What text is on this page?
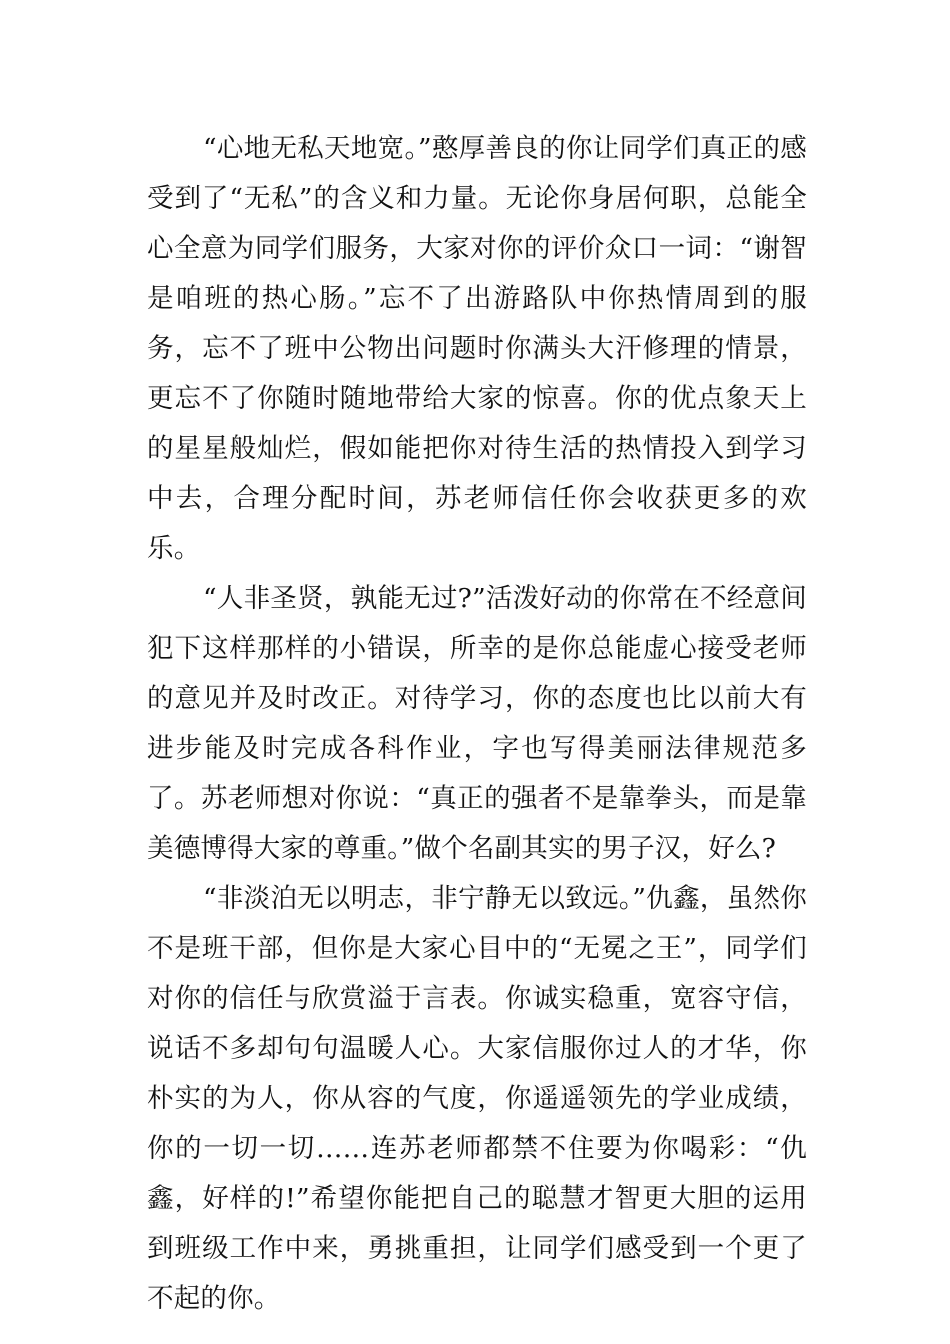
“心地无私天地宽。”憨厚善良的你让同学们真正的感受到了“无私”的含义和力量。无论你身居何职，总能全心全意为同学们服务，大家对你的评价众口一词：“谢智是咱班的热心肠。”忘不了出游路队中你热情周到的服务，忘不了班中公物出问题时你满头大汗修理的情景，更忘不了你随时随地带给大家的惊喜。你的优点象天上的星星般灿烂，假如能把你对待生活的热情投入到学习中去，合理分配时间，苏老师信任你会收获更多的欢乐。

“人非圣贤，孰能无过?”活泼好动的你常在不经意间犯下这样那样的小错误，所幸的是你总能虚心接受老师的意见并及时改正。对待学习，你的态度也比以前大有进步能及时完成各科作业，字也写得美丽法律规范多了。苏老师想对你说：“真正的强者不是靠拳头，而是靠美德博得大家的尊重。”做个名副其实的男子汉，好么?

“非淡泊无以明志，非宁静无以致远。”仇鑫，虽然你不是班干部，但你是大家心目中的“无冕之王”，同学们对你的信任与欣赏溢于言表。你诚实稳重，宽容守信，说话不多却句句温暖人心。大家信服你过人的才华，你朴实的为人，你从容的气度，你遥遥领先的学业成绩，你的一切一切……连苏老师都禁不住要为你喝彩：“仇鑫，好样的!”希望你能把自己的聪慧才智更大胆的运用到班级工作中来，勇挑重担，让同学们感受到一个更了不起的你。
